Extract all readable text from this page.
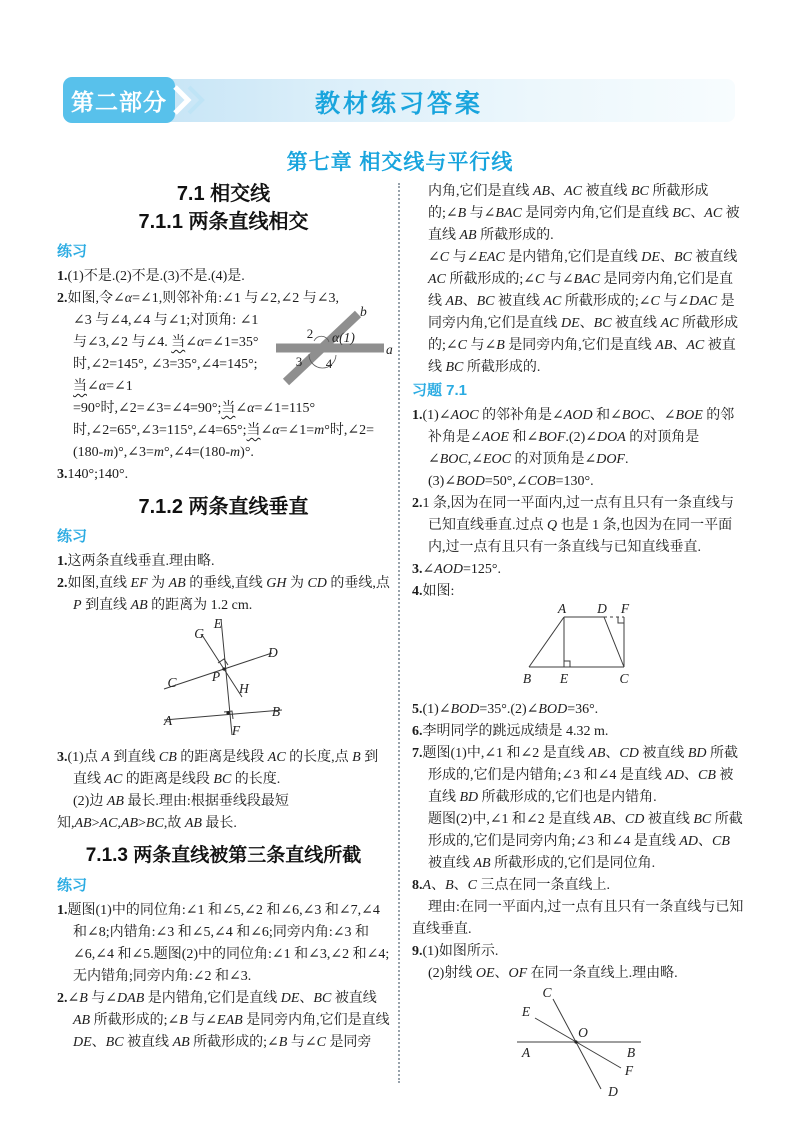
第二部分	教材练习答案
第七章 相交线与平行线
7.1 相交线
7.1.1 两条直线相交
练习
1.(1)不是.(2)不是.(3)不是.(4)是.
2.如图,令∠α=∠1,则邻补角:∠1 与∠2,∠2 与∠3,
∠3 与∠4,∠4 与∠1;对顶角: ∠1 与∠3,∠2 与∠4. 当∠α=∠1=35°时,∠2=145°, ∠3=35°,∠4=145°;当∠α=∠1
=90°时,∠2=∠3=∠4=90°;当∠α=∠1=115°时,∠2=65°,∠3=115°,∠4=65°;当∠α=∠1=m°时,∠2=(180-m)°,∠3=m°,∠4=(180-m)°.
2 α(1)
3 4
a
b
3.140°;140°.
7.1.2 两条直线垂直
练习
1.这两条直线垂直.理由略.
2.如图,直线 EF 为 AB 的垂线,直线 GH 为 CD 的垂线,点 P 到直线 AB 的距离为 1.2 cm.
E
G
D
P
C	H
B
A
F
3.(1)点 A 到直线 CB 的距离是线段 AC 的长度,点 B 到直线 AC 的距离是线段 BC 的长度.
(2)边 AB 最长.理由:根据垂线段最短知,AB>AC,AB>BC,故 AB 最长.
7.1.3 两条直线被第三条直线所截
练习
1.题图(1)中的同位角:∠1 和∠5,∠2 和∠6,∠3 和∠7,∠4 和∠8;内错角:∠3 和∠5,∠4 和∠6;同旁内角:∠3 和∠6,∠4 和∠5.题图(2)中的同位角:∠1 和∠3,∠2 和∠4;无内错角;同旁内角:∠2 和∠3.
2.∠B 与∠DAB 是内错角,它们是直线 DE、BC 被直线 AB 所截形成的;∠B 与∠EAB 是同旁内角,它们是直线 DE、BC 被直线 AB 所截形成的;∠B 与∠C 是同旁
内角,它们是直线 AB、AC 被直线 BC 所截形成的;∠B 与∠BAC 是同旁内角,它们是直线 BC、AC 被直线 AB 所截形成的.
∠C 与∠EAC 是内错角,它们是直线 DE、BC 被直线 AC 所截形成的;∠C 与∠BAC 是同旁内角,它们是直线 AB、BC 被直线 AC 所截形成的;∠C 与∠DAC 是同旁内角,它们是直线 DE、BC 被直线 AC 所截形成的;∠C 与∠B 是同旁内角,它们是直线 AB、AC 被直线 BC 所截形成的.
习题 7.1
1.(1)∠AOC 的邻补角是∠AOD 和∠BOC、∠BOE 的邻补角是∠AOE 和∠BOF.(2)∠DOA 的对顶角是∠BOC,∠EOC 的对顶角是∠DOF.(3)∠BOD=50°,∠COB=130°.
2.1 条,因为在同一平面内,过一点有且只有一条直线与已知直线垂直.过点 Q 也是 1 条,也因为在同一平面内,过一点有且只有一条直线与已知直线垂直.
3.∠AOD=125°.
4.如图:
A D F
B E	C
5.(1)∠BOD=35°.(2)∠BOD=36°.
6.李明同学的跳远成绩是 4.32 m.
7.题图(1)中,∠1 和∠2 是直线 AB、CD 被直线 BD 所截形成的,它们是内错角;∠3 和∠4 是直线 AD、CB 被直线 BD 所截形成的,它们也是内错角.
题图(2)中,∠1 和∠2 是直线 AB、CD 被直线 BC 所截形成的,它们是同旁内角;∠3 和∠4 是直线 AD、CB 被直线 AB 所截形成的,它们是同位角.
8.A、B、C 三点在同一条直线上.
理由:在同一平面内,过一点有且只有一条直线与已知直线垂直.
9.(1)如图所示.
(2)射线 OE、OF 在同一条直线上.理由略.
C
E
O
A	B
F
D
